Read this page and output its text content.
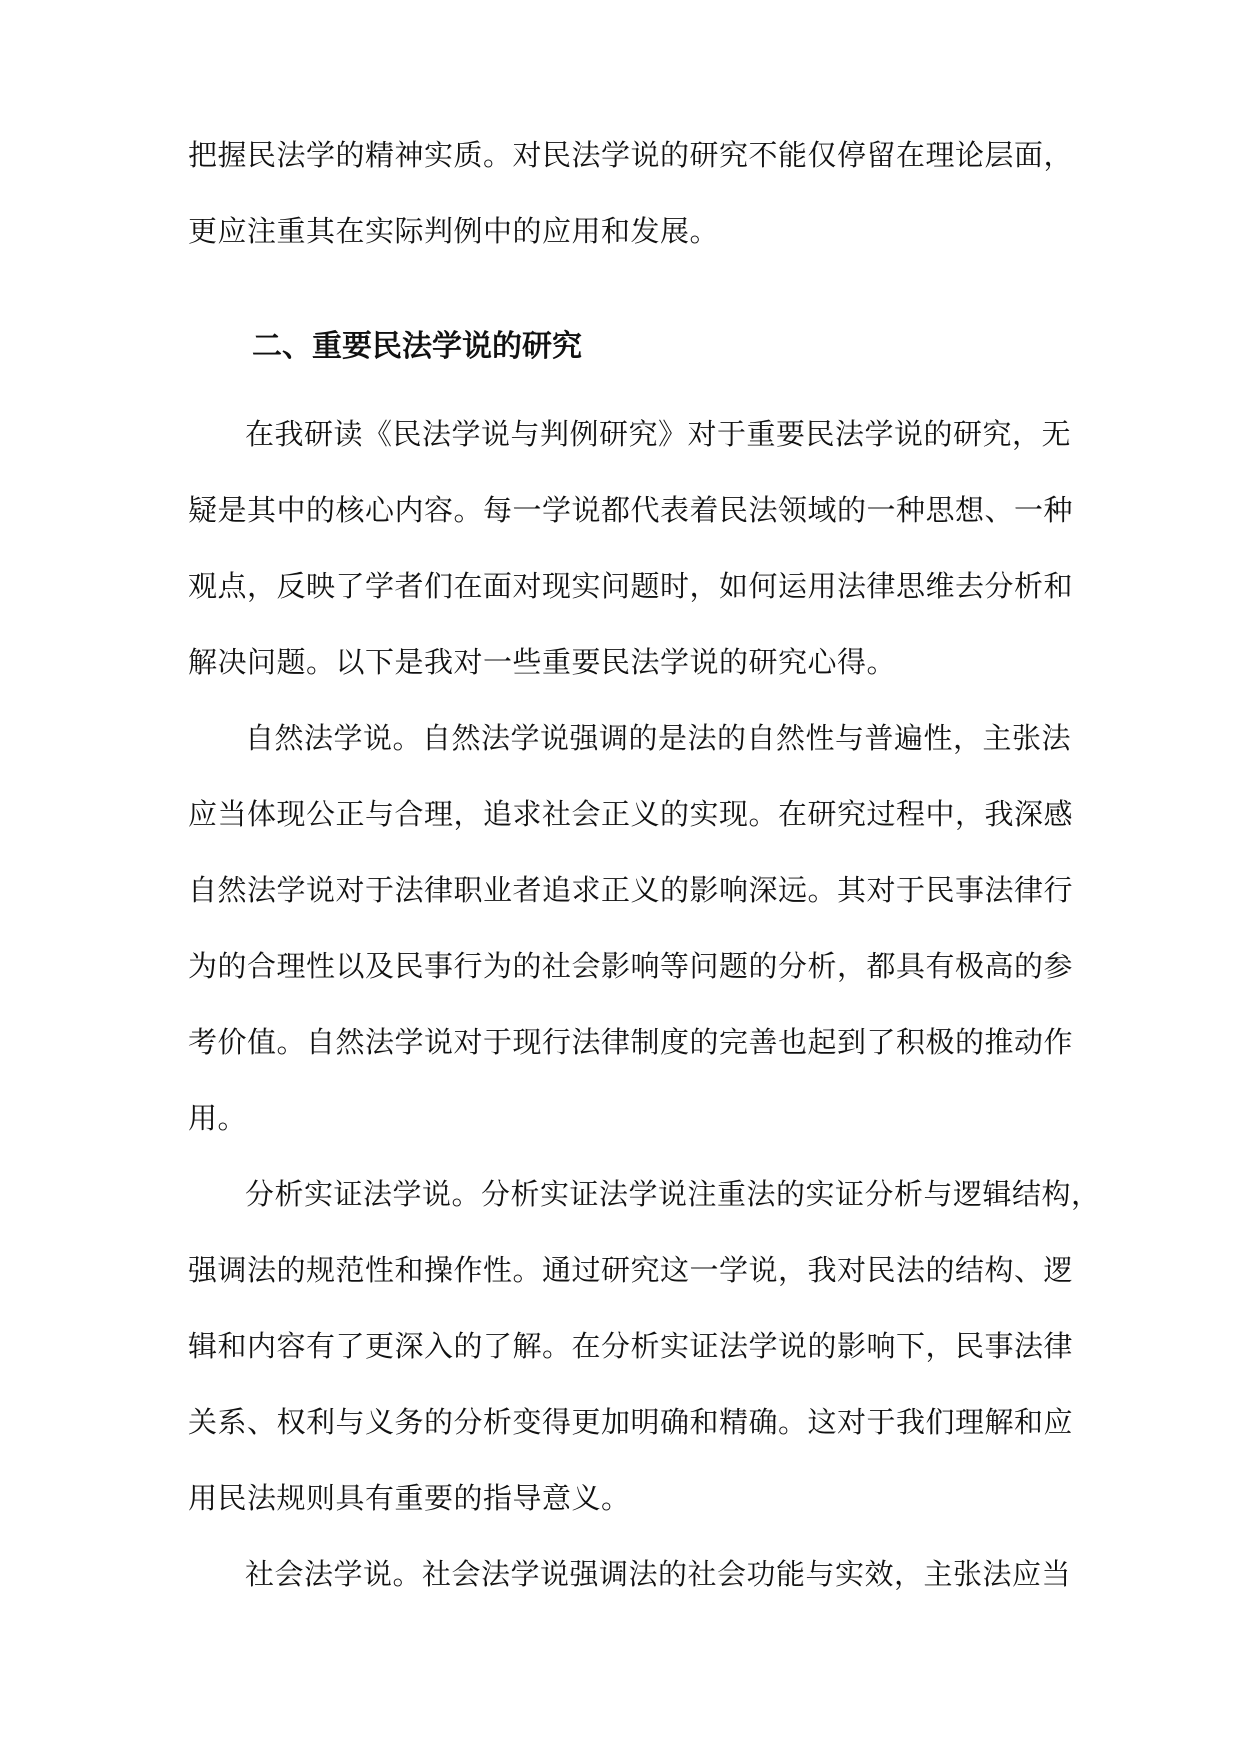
把握民法学的精神实质。对民法学说的研究不能仅停留在理论层面，
更应注重其在实际判例中的应用和发展。
二、重要民法学说的研究
在我研读《民法学说与判例研究》对于重要民法学说的研究，无
疑是其中的核心内容。每一学说都代表着民法领域的一种思想、一种
观点，反映了学者们在面对现实问题时，如何运用法律思维去分析和
解决问题。以下是我对一些重要民法学说的研究心得。
自然法学说。自然法学说强调的是法的自然性与普遍性，主张法
应当体现公正与合理，追求社会正义的实现。在研究过程中，我深感
自然法学说对于法律职业者追求正义的影响深远。其对于民事法律行
为的合理性以及民事行为的社会影响等问题的分析，都具有极高的参
考价值。自然法学说对于现行法律制度的完善也起到了积极的推动作
用。
分析实证法学说。分析实证法学说注重法的实证分析与逻辑结构，
强调法的规范性和操作性。通过研究这一学说，我对民法的结构、逻
辑和内容有了更深入的了解。在分析实证法学说的影响下，民事法律
关系、权利与义务的分析变得更加明确和精确。这对于我们理解和应
用民法规则具有重要的指导意义。
社会法学说。社会法学说强调法的社会功能与实效，主张法应当
